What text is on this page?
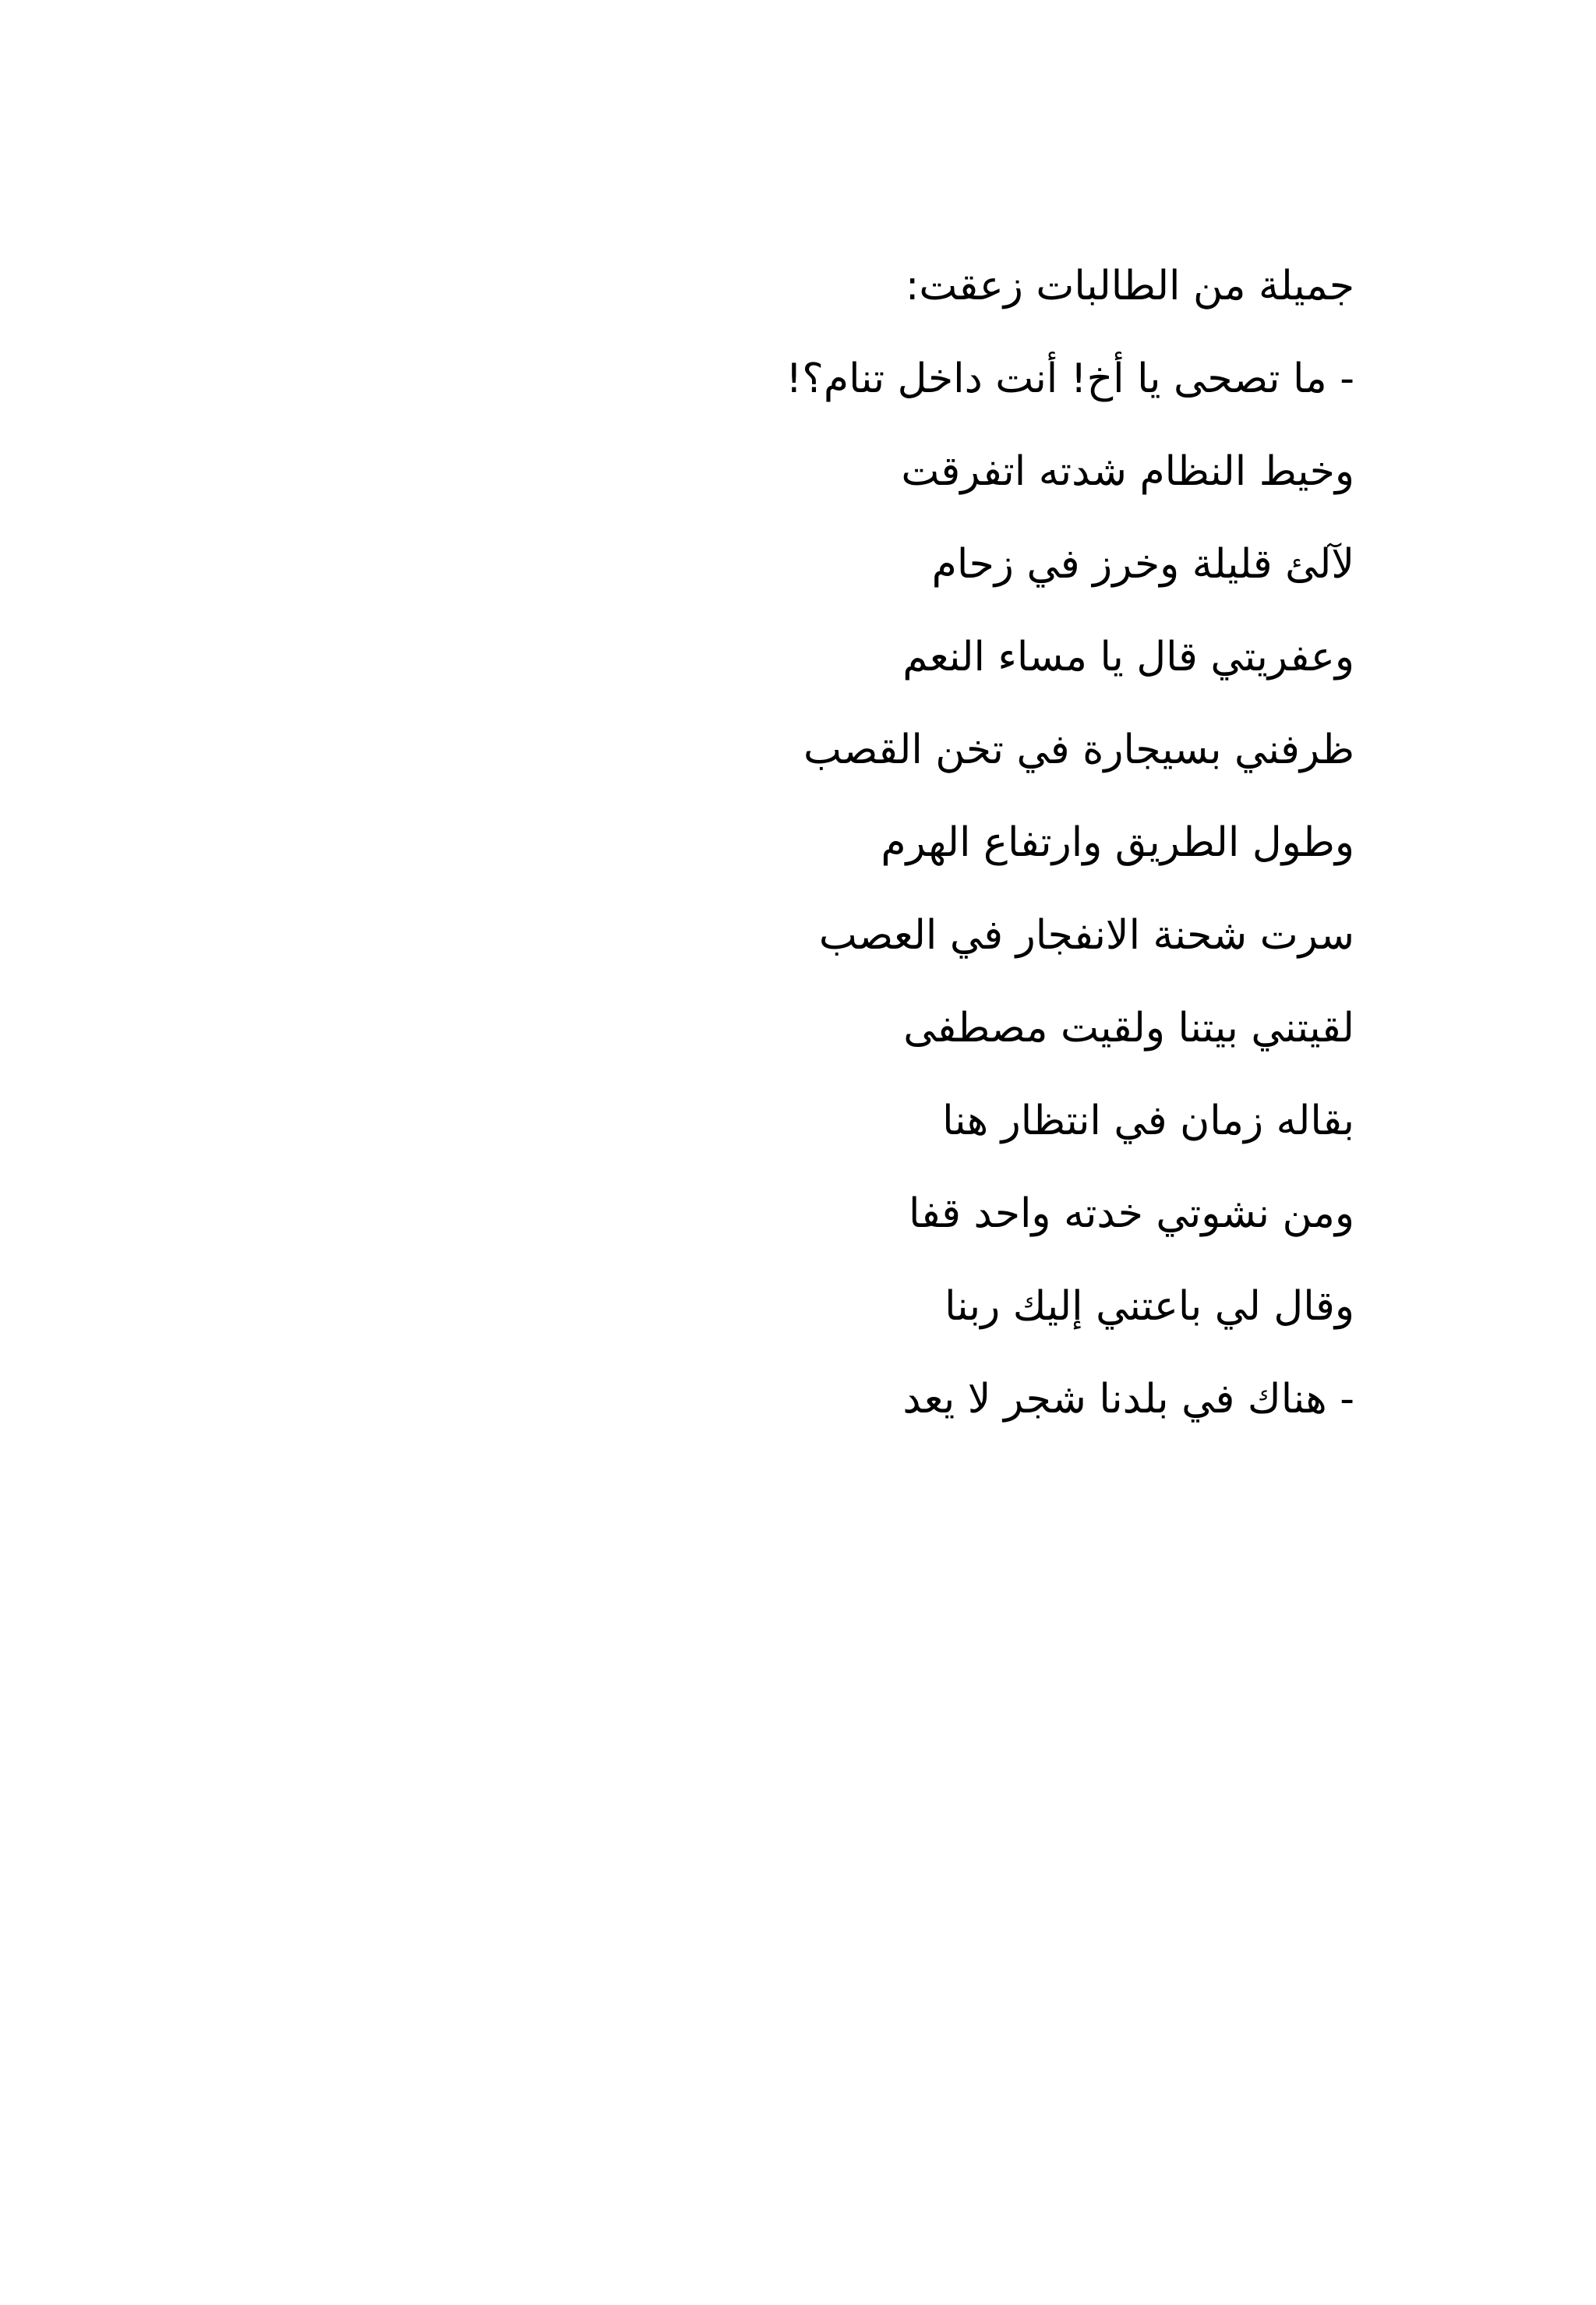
جميلة من الطالبات زعقت:

- ما تصحى يا أخ! أنت داخل تنام؟!

وخيط النظام شدته اتفرقت

لآلئ قليلة وخرز في زحام

وعفريتي قال يا مساء النعم

ظرفني بسيجارة في تخن القصب

وطول الطريق وارتفاع الهرم

سرت شحنة الانفجار في العصب

لقيتني بيتنا ولقيت مصطفى

بقاله زمان في انتظار هنا

ومن نشوتي خدته واحد قفا

وقال لي باعتني إليك ربنا

- هناك في بلدنا شجر لا يعد
